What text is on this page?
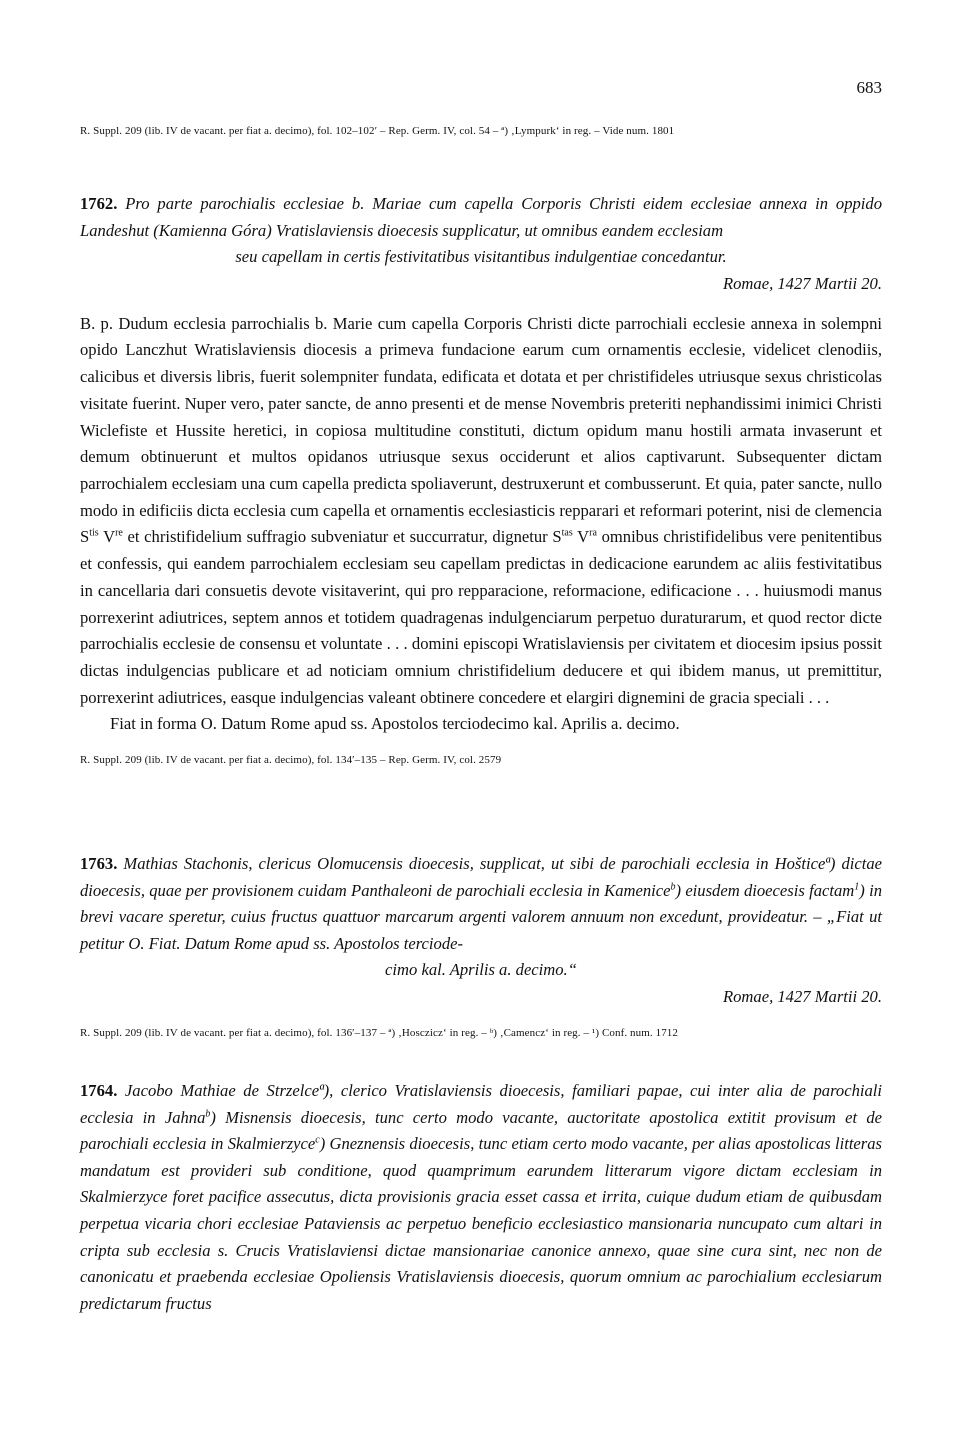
683
R. Suppl. 209 (lib. IV de vacant. per fiat a. decimo), fol. 102–102′ – Rep. Germ. IV, col. 54 – ª) ‚Lympurk‘ in reg. – Vide num. 1801

1762. Pro parte parochialis ecclesiae b. Mariae cum capella Corporis Christi eidem ecclesiae annexa in oppido Landeshut (Kamienna Góra) Vratislaviensis dioecesis supplicatur, ut omnibus eandem ecclesiam
seu capellam in certis festivitatibus visitantibus indulgentiae concedantur.

Romae, 1427 Martii 20.

B. p. Dudum ecclesia parrochialis b. Marie cum capella Corporis Christi dicte parrochiali ecclesie annexa in solempni opido Lanczhut Wratislaviensis diocesis a primeva fundacione earum cum ornamentis ecclesie, videlicet clenodiis, calicibus et diversis libris, fuerit solempniter fundata, edificata et dotata et per christifideles utriusque sexus christicolas visitate fuerint. Nuper vero, pater sancte, de anno presenti et de mense Novembris preteriti nephandissimi inimici Christi Wiclefiste et Hussite heretici, in copiosa multitudine constituti, dictum opidum manu hostili armata invaserunt et demum obtinuerunt et multos opidanos utriusque sexus occiderunt et alios captivarunt. Subsequenter dictam parrochialem ecclesiam una cum capella predicta spoliaverunt, destruxerunt et combusserunt. Et quia, pater sancte, nullo modo in edificiis dicta ecclesia cum capella et ornamentis ecclesiasticis repparari et reformari poterint, nisi de clemencia $S^{tis}$ Vre et christifidelium suffragio subveniatur et succurratur, dignetur $S^{tas}$ $V^{ra}$ omnibus christifidelibus vere penitentibus et confessis, qui eandem parrochialem ecclesiam seu capellam predictas in dedicacione earundem ac aliis festivitatibus in cancellaria dari consuetis devote visitaverint, qui pro repparacione, reformacione, edificacione . . . huiusmodi manus porrexerint adiutrices, septem annos et totidem quadragenas indulgenciarum perpetuo duraturarum, et quod rector dicte parrochialis ecclesie de consensu et voluntate . . . domini episcopi Wratislaviensis per civitatem et diocesim ipsius possit dictas indulgencias publicare et ad noticiam omnium christifidelium deducere et qui ibidem manus, ut premittitur, porrexerint adiutrices, easque indulgencias valeant obtinere concedere et elargiri dignemini de gracia speciali . . .

Fiat in forma O. Datum Rome apud ss. Apostolos terciodecimo kal. Aprilis a. decimo.

R. Suppl. 209 (lib. IV de vacant. per fiat a. decimo), fol. 134′–135 – Rep. Germ. IV, col. 2579

1763. Mathias Stachonis, clericus Olomucensis dioecesis, supplicat, ut sibi de parochiali ecclesia in Hošticeª) dictae dioecesis, quae per provisionem cuidam Panthaleoni de parochiali ecclesia in Kamenice$^b$) eiusdem dioecesis factam$^1$) in brevi vacare speretur, cuius fructus quattuor marcarum argenti valorem annuum non excedunt, provideatur. – „Fiat ut petitur O. Fiat. Datum Rome apud ss. Apostolos terciode-
cimo kal. Aprilis a. decimo.“

Romae, 1427 Martii 20.

R. Suppl. 209 (lib. IV de vacant. per fiat a. decimo), fol. 136′–137 – ª) ‚Hosczicz‘ in reg. – ᵇ) ‚Camencz‘ in reg. – ¹) Conf. num. 1712

1764. Jacobo Mathiae de Strzelceª), clerico Vratislaviensis dioecesis, familiari papae, cui inter alia de parochiali ecclesia in Jahna$^b$) Misnensis dioecesis, tunc certo modo vacante, auctoritate apostolica extitit provisum et de parochiali ecclesia in Skalmierzyce$^c$) Gneznensis dioecesis, tunc etiam certo modo vacante, per alias apostolicas litteras mandatum est provideri sub conditione, quod quamprimum earundem litterarum vigore dictam ecclesiam in Skalmierzyce foret pacifice assecutus, dicta provisionis gracia esset cassa et irrita, cuique dudum etiam de quibusdam perpetua vicaria chori ecclesiae Pataviensis ac perpetuo beneficio ecclesiastico mansionaria nuncupato cum altari in cripta sub ecclesia s. Crucis Vratislaviensi dictae mansionariae canonice annexo, quae sine cura sint, nec non de canonicatu et praebenda ecclesiae Opoliensis Vratislaviensis dioecesis, quorum omnium ac parochialium ecclesiarum predictarum fructus
